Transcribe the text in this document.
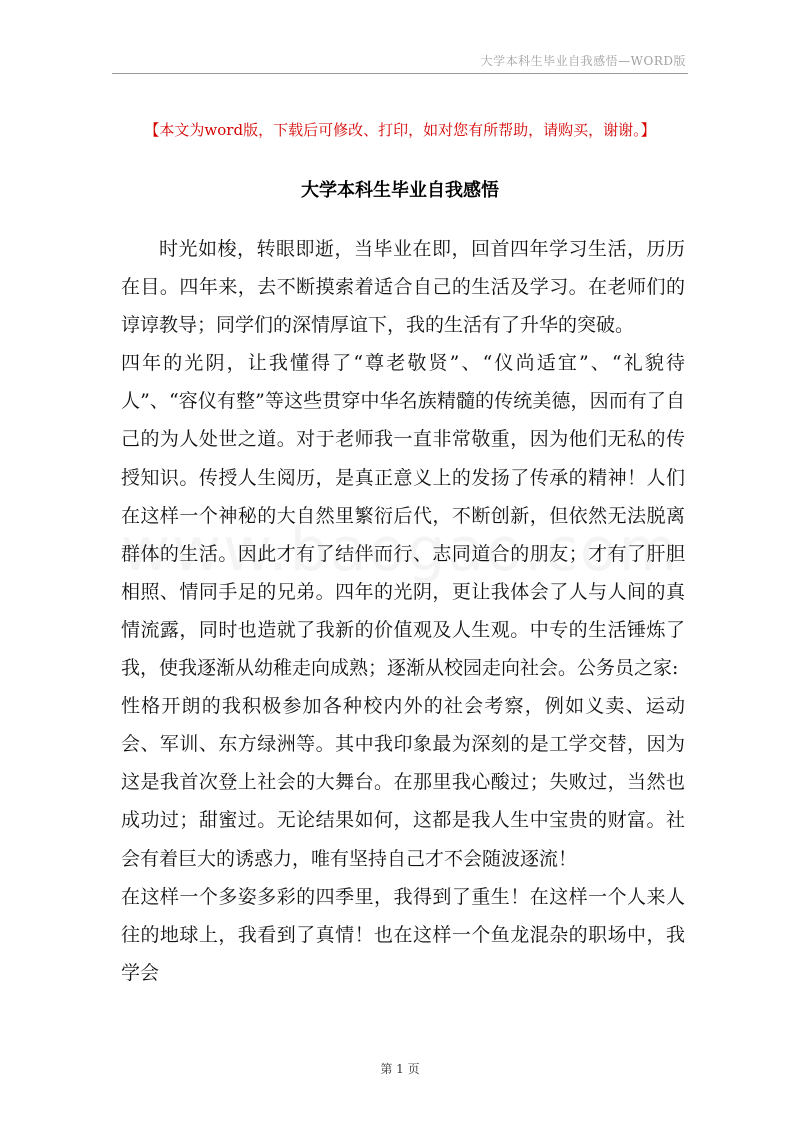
大学本科生毕业自我感悟—WORD版
【本文为word版，下载后可修改、打印，如对您有所帮助，请购买，谢谢。】
大学本科生毕业自我感悟

时光如梭，转眼即逝，当毕业在即，回首四年学习生活，历历在目。四年来，去不断摸索着适合自己的生活及学习。在老师们的谆谆教导；同学们的深情厚谊下，我的生活有了升华的突破。

四年的光阴，让我懂得了“尊老敬贤”、“仪尚适宜”、“礼貌待人”、“容仪有整”等这些贯穿中华名族精髓的传统美德，因而有了自己的为人处世之道。对于老师我一直非常敬重，因为他们无私的传授知识。传授人生阅历，是真正意义上的发扬了传承的精神！人们在这样一个神秘的大自然里繁衍后代，不断创新，但依然无法脱离群体的生活。因此才有了结伴而行、志同道合的朋友；才有了肝胆相照、情同手足的兄弟。四年的光阴，更让我体会了人与人间的真情流露，同时也造就了我新的价值观及人生观。中专的生活锤炼了我，使我逐渐从幼稚走向成熟；逐渐从校园走向社会。公务员之家:

性格开朗的我积极参加各种校内外的社会考察，例如义卖、运动会、军训、东方绿洲等。其中我印象最为深刻的是工学交替，因为这是我首次登上社会的大舞台。在那里我心酸过；失败过，当然也成功过；甜蜜过。无论结果如何，这都是我人生中宝贵的财富。社会有着巨大的诱惑力，唯有坚持自己才不会随波逐流！

在这样一个多姿多彩的四季里，我得到了重生！在这样一个人来人往的地球上，我看到了真情！也在这样一个鱼龙混杂的职场中，我学会

第 1 页
